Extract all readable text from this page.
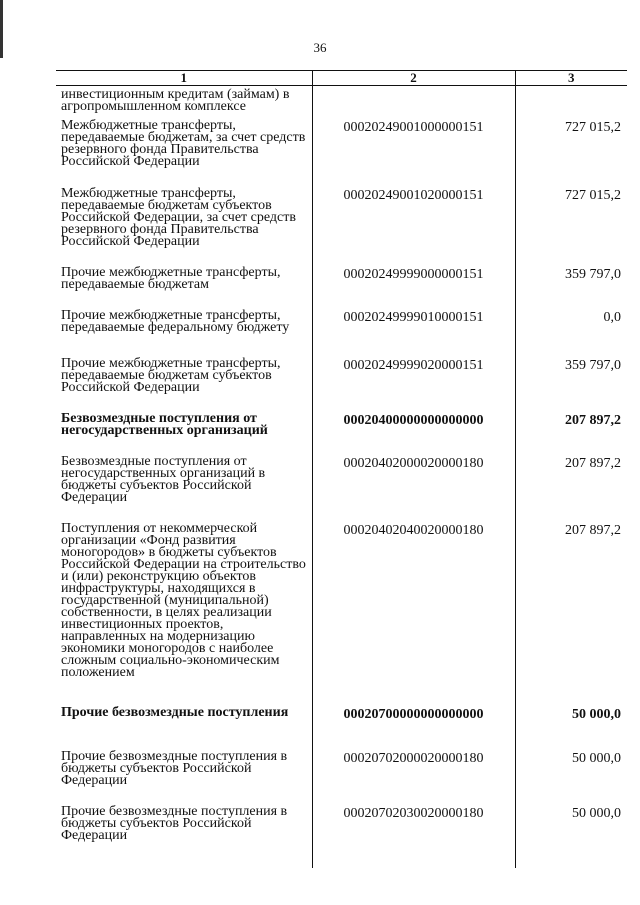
36
1	2	3
инвестиционным кредитам (займам) в агропромышленном комплексе		
Межбюджетные трансферты, передаваемые бюджетам, за счет средств резервного фонда Правительства Российской Федерации	00020249001000000151	727 015,2
Межбюджетные трансферты, передаваемые бюджетам субъектов Российской Федерации, за счет средств резервного фонда Правительства Российской Федерации	00020249001020000151	727 015,2
Прочие межбюджетные трансферты, передаваемые бюджетам	00020249999000000151	359 797,0
Прочие межбюджетные трансферты, передаваемые федеральному бюджету	00020249999010000151	0,0
Прочие межбюджетные трансферты, передаваемые бюджетам субъектов Российской Федерации	00020249999020000151	359 797,0
Безвозмездные поступления от негосударственных организаций	00020400000000000000	207 897,2
Безвозмездные поступления от негосударственных организаций в бюджеты субъектов Российской Федерации	00020402000020000180	207 897,2
Поступления от некоммерческой организации «Фонд развития моногородов» в бюджеты субъектов Российской Федерации на строительство и (или) реконструкцию объектов инфраструктуры, находящихся в государственной (муниципальной) собственности, в целях реализации инвестиционных проектов, направленных на модернизацию экономики моногородов с наиболее сложным социально-экономическим положением	00020402040020000180	207 897,2
Прочие безвозмездные поступления	00020700000000000000	50 000,0
Прочие безвозмездные поступления в бюджеты субъектов Российской Федерации	00020702000020000180	50 000,0
Прочие безвозмездные поступления в бюджеты субъектов Российской Федерации	00020702030020000180	50 000,0
